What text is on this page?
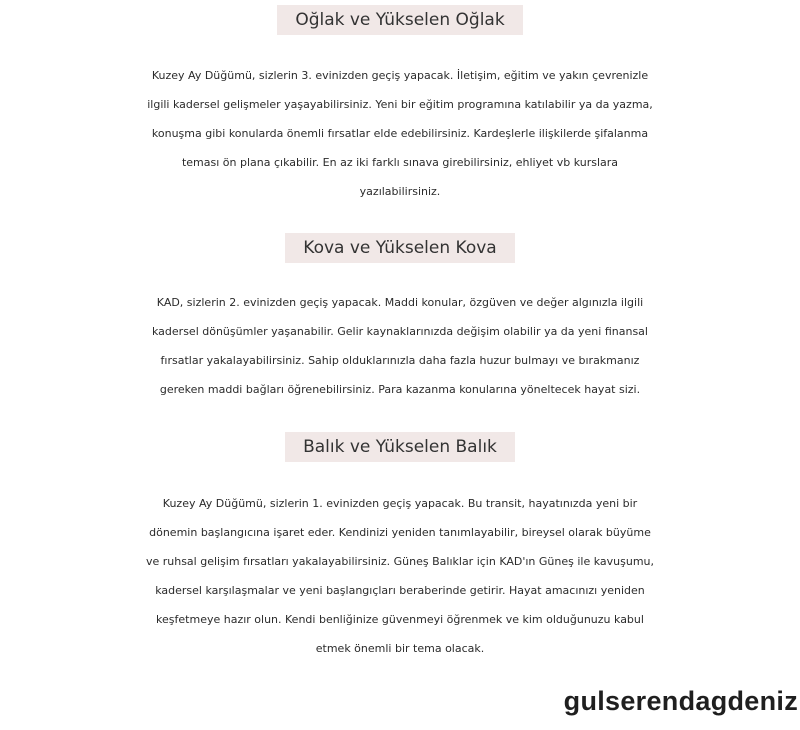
Oğlak ve Yükselen Oğlak
Kuzey Ay Düğümü, sizlerin 3. evinizden geçiş yapacak. İletişim, eğitim ve yakın çevrenizle
ilgili kadersel gelişmeler yaşayabilirsiniz. Yeni bir eğitim programına katılabilir ya da yazma,
konuşma gibi konularda önemli fırsatlar elde edebilirsiniz. Kardeşlerle ilişkilerde şifalanma
teması ön plana çıkabilir. En az iki farklı sınava girebilirsiniz, ehliyet vb kurslara
yazılabilirsiniz.
Kova ve Yükselen Kova
KAD, sizlerin 2. evinizden geçiş yapacak. Maddi konular, özgüven ve değer algınızla ilgili
kadersel dönüşümler yaşanabilir. Gelir kaynaklarınızda değişim olabilir ya da yeni finansal
fırsatlar yakalayabilirsiniz. Sahip olduklarınızla daha fazla huzur bulmayı ve bırakmanız
gereken maddi bağları öğrenebilirsiniz. Para kazanma konularına yöneltecek hayat sizi.
Balık ve Yükselen Balık
Kuzey Ay Düğümü, sizlerin 1. evinizden geçiş yapacak. Bu transit, hayatınızda yeni bir
dönemin başlangıcına işaret eder. Kendinizi yeniden tanımlayabilir, bireysel olarak büyüme
ve ruhsal gelişim fırsatları yakalayabilirsiniz. Güneş Balıklar için KAD'ın Güneş ile kavuşumu,
kadersel karşılaşmalar ve yeni başlangıçları beraberinde getirir. Hayat amacınızı yeniden
keşfetmeye hazır olun. Kendi benliğinize güvenmeyi öğrenmek ve kim olduğunuzu kabul
etmek önemli bir tema olacak.
gulserendagdeniz
